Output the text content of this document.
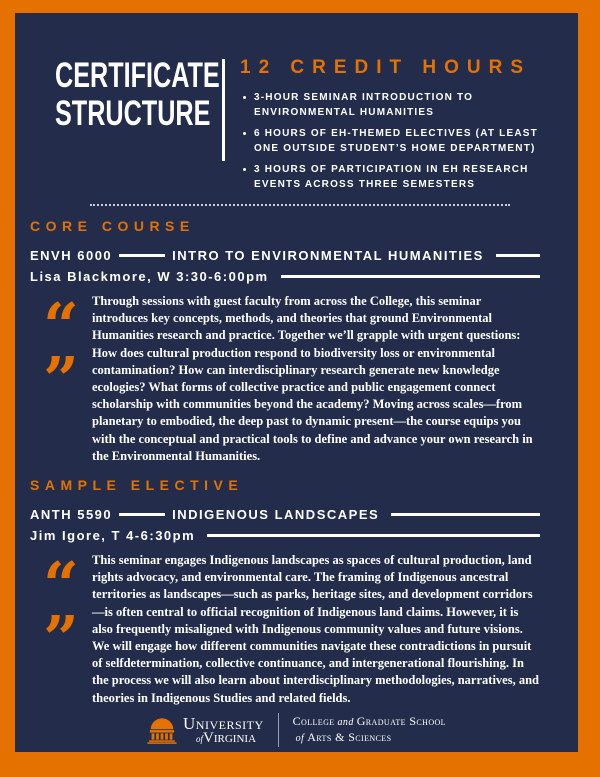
CERTIFICATE
STRUCTURE
12 CREDIT HOURS
3-HOUR SEMINAR INTRODUCTION TO ENVIRONMENTAL HUMANITIES
6 HOURS OF EH-THEMED ELECTIVES (AT LEAST ONE OUTSIDE STUDENT’S HOME DEPARTMENT)
3 HOURS OF PARTICIPATION IN EH RESEARCH EVENTS ACROSS THREE SEMESTERS
CORE COURSE
ENVH 6000	INTRO TO ENVIRONMENTAL HUMANITIES
Lisa Blackmore, W 3:30-6:00pm
“
”

Through sessions with guest faculty from across the College, this seminar introduces key concepts, methods, and theories that ground Environmental Humanities research and practice. Together we’ll grapple with urgent questions: How does cultural production respond to biodiversity loss or environmental contamination? How can interdisciplinary research generate new knowledge ecologies? What forms of collective practice and public engagement connect scholarship with communities beyond the academy? Moving across scales—from planetary to embodied, the deep past to dynamic present—the course equips you with the conceptual and practical tools to define and advance your own research in the Environmental Humanities.

SAMPLE ELECTIVE
ANTH 5590	INDIGENOUS LANDSCAPES
Jim Igore, T 4-6:30pm
“
”

This seminar engages Indigenous landscapes as spaces of cultural production, land rights advocacy, and environmental care. The framing of Indigenous ancestral territories as landscapes—such as parks, heritage sites, and development corridors—is often central to official recognition of Indigenous land claims. However, it is also frequently misaligned with Indigenous community values and future visions. We will engage how different communities navigate these contradictions in pursuit of selfdetermination, collective continuance, and intergenerational flourishing. In the process we will also learn about interdisciplinary methodologies, narratives, and theories in Indigenous Studies and related fields.

University
ofVirginia
College and Graduate School
of Arts & Sciences
